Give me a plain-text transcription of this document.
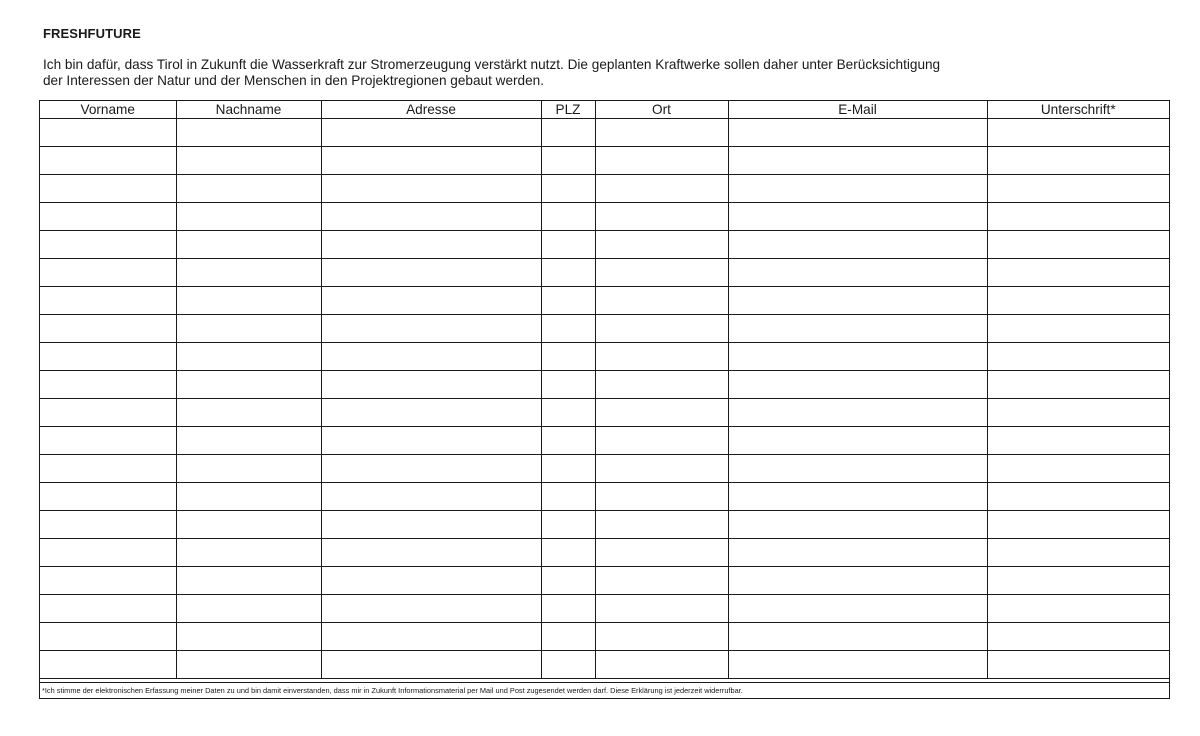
FRESHFUTURE

Ich bin dafür, dass Tirol in Zukunft die Wasserkraft zur Stromerzeugung verstärkt nutzt. Die geplanten Kraftwerke sollen daher unter Berücksichtigung
der Interessen der Natur und der Menschen in den Projektregionen gebaut werden.

Vorname	Nachname	Adresse	PLZ	Ort	E-Mail	Unterschrift*

*Ich stimme der elektronischen Erfassung meiner Daten zu und bin damit einverstanden, dass mir in Zukunft Informationsmaterial per Mail und Post zugesendet werden darf. Diese Erklärung ist jederzeit widerrufbar.
